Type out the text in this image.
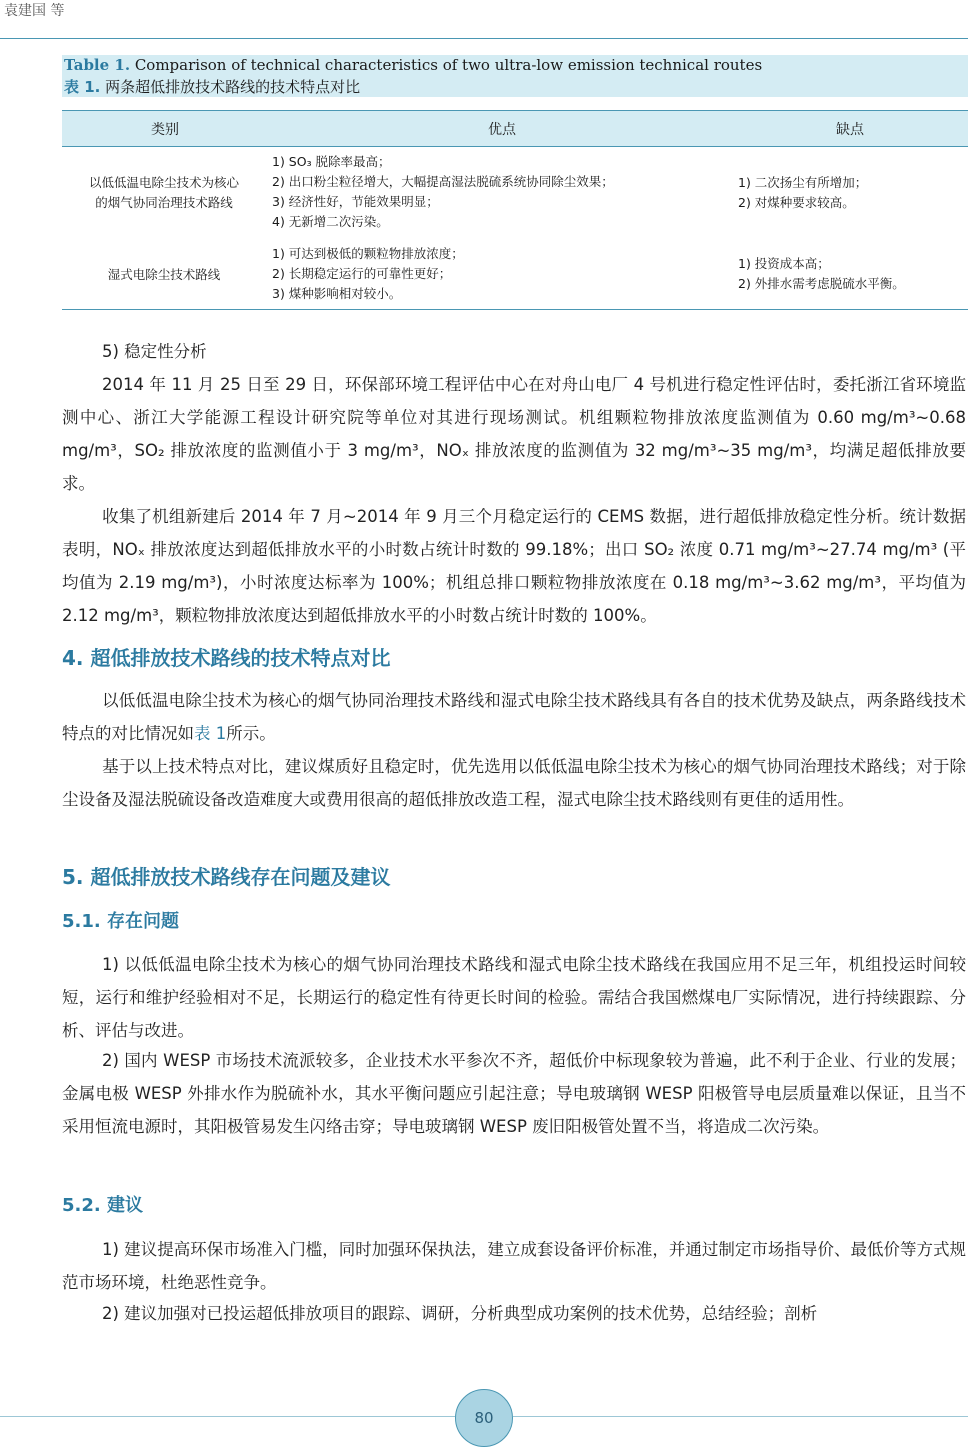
袁建国 等
Table 1. Comparison of technical characteristics of two ultra-low emission technical routes
表 1. 两条超低排放技术路线的技术特点对比
类别	优点	缺点
以低低温电除尘技术为核心
的烟气协同治理技术路线
1) SO₃ 脱除率最高；
2) 出口粉尘粒径增大，大幅提高湿法脱硫系统协同除尘效果；
3) 经济性好，节能效果明显；
4) 无新增二次污染。
1) 二次扬尘有所增加；
2) 对煤种要求较高。
湿式电除尘技术路线
1) 可达到极低的颗粒物排放浓度；
2) 长期稳定运行的可靠性更好；
3) 煤种影响相对较小。
1) 投资成本高；
2) 外排水需考虑脱硫水平衡。
5) 稳定性分析
2014 年 11 月 25 日至 29 日，环保部环境工程评估中心在对舟山电厂 4 号机进行稳定性评估时，委托浙江省环境监测中心、浙江大学能源工程设计研究院等单位对其进行现场测试。机组颗粒物排放浓度监测值为 0.60 mg/m³~0.68 mg/m³，SO₂ 排放浓度的监测值小于 3 mg/m³，NOₓ 排放浓度的监测值为 32 mg/m³~35 mg/m³，均满足超低排放要求。
收集了机组新建后 2014 年 7 月~2014 年 9 月三个月稳定运行的 CEMS 数据，进行超低排放稳定性分析。统计数据表明，NOₓ 排放浓度达到超低排放水平的小时数占统计时数的 99.18%；出口 SO₂ 浓度 0.71 mg/m³~27.74 mg/m³ (平均值为 2.19 mg/m³)，小时浓度达标率为 100%；机组总排口颗粒物排放浓度在 0.18 mg/m³~3.62 mg/m³，平均值为 2.12 mg/m³，颗粒物排放浓度达到超低排放水平的小时数占统计时数的 100%。
4. 超低排放技术路线的技术特点对比
以低低温电除尘技术为核心的烟气协同治理技术路线和湿式电除尘技术路线具有各自的技术优势及缺点，两条路线技术特点的对比情况如表 1所示。
基于以上技术特点对比，建议煤质好且稳定时，优先选用以低低温电除尘技术为核心的烟气协同治理技术路线；对于除尘设备及湿法脱硫设备改造难度大或费用很高的超低排放改造工程，湿式电除尘技术路线则有更佳的适用性。
5. 超低排放技术路线存在问题及建议
5.1. 存在问题
1) 以低低温电除尘技术为核心的烟气协同治理技术路线和湿式电除尘技术路线在我国应用不足三年，机组投运时间较短，运行和维护经验相对不足，长期运行的稳定性有待更长时间的检验。需结合我国燃煤电厂实际情况，进行持续跟踪、分析、评估与改进。
2) 国内 WESP 市场技术流派较多，企业技术水平参次不齐，超低价中标现象较为普遍，此不利于企业、行业的发展；金属电极 WESP 外排水作为脱硫补水，其水平衡问题应引起注意；导电玻璃钢 WESP 阳极管导电层质量难以保证，且当不采用恒流电源时，其阳极管易发生闪络击穿；导电玻璃钢 WESP 废旧阳极管处置不当，将造成二次污染。
5.2. 建议
1) 建议提高环保市场准入门槛，同时加强环保执法，建立成套设备评价标准，并通过制定市场指导价、最低价等方式规范市场环境，杜绝恶性竞争。
2) 建议加强对已投运超低排放项目的跟踪、调研，分析典型成功案例的技术优势，总结经验；剖析
80
